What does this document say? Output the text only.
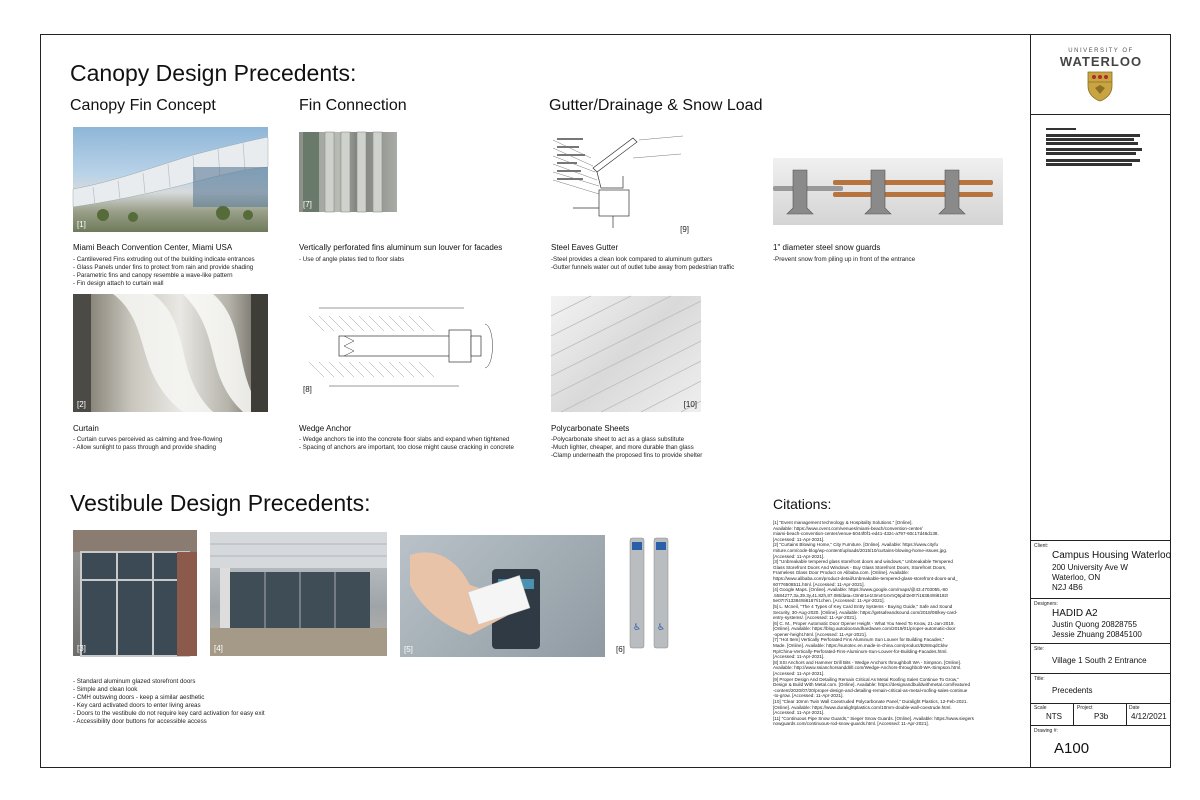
Canopy Design Precedents:
Canopy Fin Concept	Fin Connection	Gutter/Drainage & Snow Load
[1]
[7]
[9]
Miami Beach Convention Center, Miami USA
- Cantilevered Fins extruding out of the building indicate entrances
- Glass Panels under fins to protect from rain and provide shading
- Parametric fins and canopy resemble a wave-like pattern
- Fin design attach to curtain wall
Vertically perforated fins aluminum sun louver for facades
- Use of angle plates tied to floor slabs
Steel Eaves Gutter
-Steel provides a clean look compared to aluminum gutters
-Gutter funnels water out of outlet tube away from pedestrian traffic
1" diameter steel snow guards
-Prevent snow from piling up in front of the entrance
[2]
[8]
[10]
Curtain
- Curtain curves perceived as calming and free-flowing
- Allow sunlight to pass through and provide shading
Wedge Anchor
- Wedge anchors tie into the concrete floor slabs and expand when tightened
- Spacing of anchors are important, too close might cause cracking in concrete
Polycarbonate Sheets
-Polycarbonate sheet to act as a glass substitute
-Much lighter, cheaper, and more durable than glass
-Clamp underneath the proposed fins to provide shelter
Vestibule Design Precedents:
[3]	[4]	[5]
♿ ♿
[6]
- Standard aluminum glazed storefront doors
- Simple and clean look
- CMH outswing doors - keep a similar aesthetic
- Key card activated doors to enter living areas
- Doors to the vestibule do not require key card activation for easy exit
- Accessibility door buttons for accessible access
Citations:
[1] "Event management technology & Hospitality Solutions." [Online].
Available: https://www.cvent.com/venues/miami-beach/convention-center/
miami-beach-convention-center/venue-5044f0f1-ed41-432c-a797-60c17d46d138.
[Accessed: 11-Apr-2021].
[2] "Curtains Blowing Home," City Furniture. [Online]. Available: https://www.cityfu
rniture.com/code-blog/wp-content/uploads/2015/10/curtains-blowing-home-issues.jpg.
[Accessed: 11-Apr-2021].
[3] "Unbreakable tempered glass storefront doors and windows," Unbreakable Tempered
Glass Storefront Doors And Windows - Buy Glass Storefront Doors, Storefront Doors,
Frameless Glass Door Product on Alibaba.com. [Online]. Available:
https://www.alibaba.com/product-detail/Unbreakable-tempered-glass-storefront-doors-and_
60776508511.html. [Accessed: 11-Apr-2021].
[4] Google Maps. [Online]. Available: https://www.google.com/maps/@43.4703055,-80
.5584277,3a,39.3y,41.82h,87.08t/data=!3m6!1e1!3m4!1sVnQ5pd!2e0!7i16384!8i8192!
5e07!7i13384!8i6167!i1chen. [Accessed: 11-Apr-2021].
[5] L. Mcneil, "The 4 Types of Key Card Entry Systems - Buying Guide," Safe and Sound
Security, 30-Aug-2020. [Online]. Available: https://getsafeandsound.com/2018/08/key-card-
entry-systems/. [Accessed: 11-Apr-2021].
[6] C. M., Proper Automatic Door Opener Height - What You Need To Know, 21-Jan-2019.
[Online]. Available: https://blog.autodoorandhardware.com/2019/01/proper-automatic-door
-opener-height.html. [Accessed: 11-Apr-2021].
[7] "Hot Item] Vertically Perforated Fins Aluminum Sun Louver for Building Facades,"
Made. [Online]. Available: https://sunotec.en.made-in-china.com/product/Bz8mqdCklw
Rp/China-Vertically-Perforated-Fins-Aluminum-Sun-Louver-for-Building-Facades.html.
[Accessed: 11-Apr-2021].
[8] SSI Anchors and Hammer Drill Bits - Wedge Anchors throughbolt WA - Simpson. [Online].
Available: http://www.ssianchorsanddrill.com/Wedge-Anchors-throughbolt-WA-Simpson.html.
[Accessed: 11-Apr-2021].
[9] Proper Design And Detailing Remain Critical As Metal Roofing Sales Continue To Grow,"
Design & Build With Metal.com. [Online]. Available: https://designandbuildwithmetal.com/featured
-content/2020/07/20/proper-design-and-detailing-remain-critical-as-metal-roofing-sales-continue
-to-grow. [Accessed: 11-Apr-2021].
[10] "Clear 10mm Twin Wall Coextruded Polycarbonate Panel," Duralight Plastics, 12-Feb-2021.
[Online]. Available: https://www.duralightplastics.com/10mm-double-wall-coextrude.html.
[Accessed: 11-Apr-2021].
[11] "Continuous Pipe Snow Guards," Sieger Snow Guards. [Online]. Available: https://www.siegers
nowguards.com/continuous-rod-snow-guards.html. [Accessed: 11-Apr-2021].
UNIVERSITY OF
WATERLOO
Client:
Campus Housing Waterloo
200 University Ave W
Waterloo, ON
N2J 4B6
Designers:
HADID A2
Justin Quong 20828755
Jessie Zhuang 20845100
Site:
Village 1 South 2 Entrance
Title:
Precedents
Scale
NTS
Project
P3b
Date
4/12/2021
Drawing #:
A100
